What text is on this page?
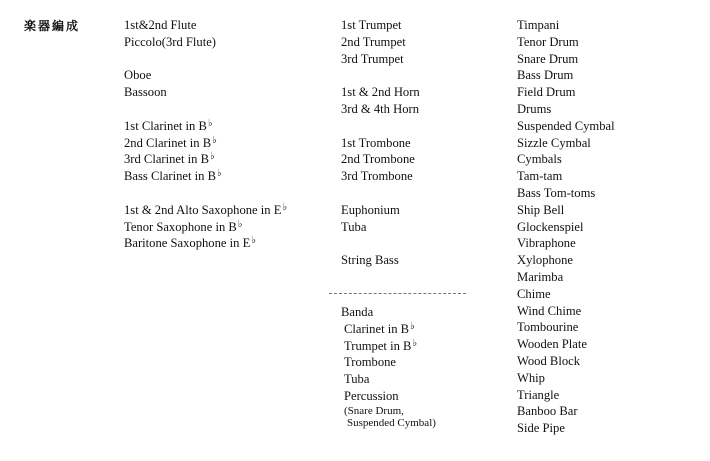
楽器編成	1st&2nd Flute
Piccolo(3rd Flute)
Oboe
Bassoon
1st Clarinet in B♭
2nd Clarinet in B♭
3rd Clarinet in B♭
Bass Clarinet in B♭
1st & 2nd Alto Saxophone in E♭
Tenor Saxophone in B♭
Baritone Saxophone in E♭
1st Trumpet
2nd Trumpet
3rd Trumpet
1st & 2nd Horn
3rd & 4th Horn
1st Trombone
2nd Trombone
3rd Trombone
Euphonium
Tuba
String Bass
Timpani
Tenor Drum
Snare Drum
Bass Drum
Field Drum
Drums
Suspended Cymbal
Sizzle Cymbal
Cymbals
Tam-tam
Bass Tom-toms
Ship Bell
Glockenspiel
Vibraphone
Xylophone
Marimba
Chime
Wind Chime
Tombourine
Wooden Plate
Wood Block
Whip
Triangle
Banboo Bar
Side Pipe
Banda
Clarinet in B♭
Trumpet in B♭
Trombone
Tuba
Percussion
(Snare Drum,
Suspended Cymbal)
